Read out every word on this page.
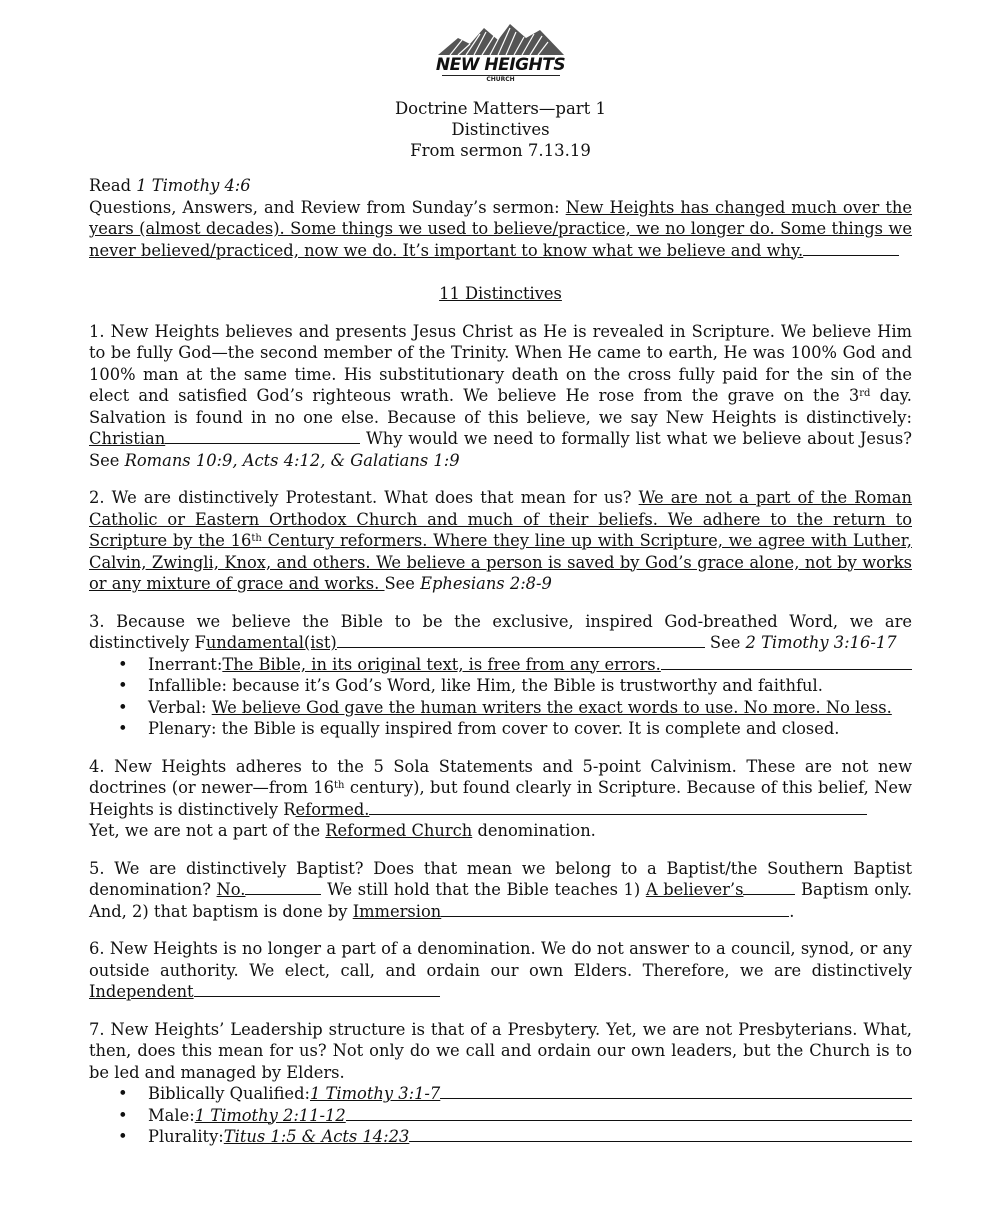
NEW HEIGHTS
CHURCH
Doctrine Matters—part 1
Distinctives
From sermon 7.13.19

Read 1 Timothy 4:6

Questions, Answers, and Review from Sunday’s sermon: New Heights has changed much over the years (almost decades). Some things we used to believe/practice, we no longer do. Some things we never believed/practiced, now we do. It’s important to know what we believe and why.

11 Distinctives

1. New Heights believes and presents Jesus Christ as He is revealed in Scripture. We believe Him to be fully God—the second member of the Trinity. When He came to earth, He was 100% God and 100% man at the same time. His substitutionary death on the cross fully paid for the sin of the elect and satisfied God’s righteous wrath. We believe He rose from the grave on the 3rd day. Salvation is found in no one else. Because of this believe, we say New Heights is distinctively: Christian	Why would we need to formally list what we believe about Jesus? See Romans 10:9, Acts 4:12, & Galatians 1:9

2. We are distinctively Protestant. What does that mean for us? We are not a part of the Roman Catholic or Eastern Orthodox Church and much of their beliefs. We adhere to the return to Scripture by the 16th Century reformers. Where they line up with Scripture, we agree with Luther, Calvin, Zwingli, Knox, and others. We believe a person is saved by God’s grace alone, not by works or any mixture of grace and works. See Ephesians 2:8-9

3. Because we believe the Bible to be the exclusive, inspired God-breathed Word, we are distinctively Fundamental(ist)	See 2 Timothy 3:16-17

• Inerrant: The Bible, in its original text, is free from any errors.
• Infallible: because it’s God’s Word, like Him, the Bible is trustworthy and faithful.
• Verbal: We believe God gave the human writers the exact words to use. No more. No less.
• Plenary: the Bible is equally inspired from cover to cover. It is complete and closed.

4. New Heights adheres to the 5 Sola Statements and 5-point Calvinism. These are not new doctrines (or newer—from 16th century), but found clearly in Scripture. Because of this belief, New Heights is distinctively Reformed.

Yet, we are not a part of the Reformed Church denomination.

5. We are distinctively Baptist? Does that mean we belong to a Baptist/the Southern Baptist denomination? No.	We still hold that the Bible teaches 1) A believer’s	Baptism only. And, 2) that baptism is done by Immersion	.

6. New Heights is no longer a part of a denomination. We do not answer to a council, synod, or any outside authority. We elect, call, and ordain our own Elders. Therefore, we are distinctively Independent

7. New Heights’ Leadership structure is that of a Presbytery. Yet, we are not Presbyterians. What, then, does this mean for us? Not only do we call and ordain our own leaders, but the Church is to be led and managed by Elders.

• Biblically Qualified: 1 Timothy 3:1-7
• Male: 1 Timothy 2:11-12
• Plurality: Titus 1:5 & Acts 14:23
